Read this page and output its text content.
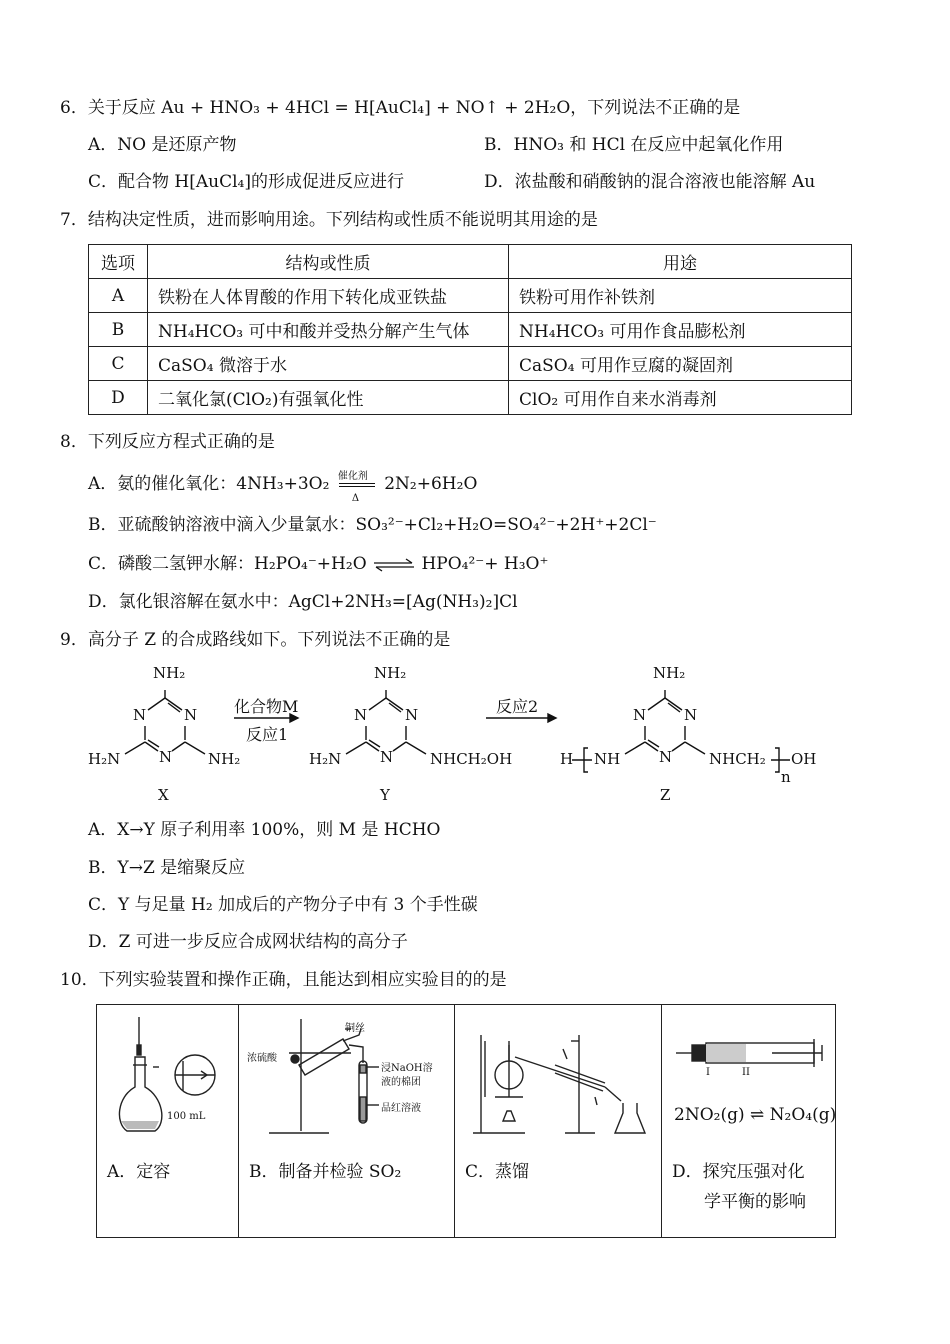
6．关于反应 Au + HNO₃ + 4HCl = H[AuCl₄] + NO↑ + 2H₂O，下列说法不正确的是
A．NO 是还原产物	B．HNO₃ 和 HCl 在反应中起氧化作用
C．配合物 H[AuCl₄]的形成促进反应进行	D．浓盐酸和硝酸钠的混合溶液也能溶解 Au
7．结构决定性质，进而影响用途。下列结构或性质不能说明其用途的是
选项	结构或性质	用途
A	铁粉在人体胃酸的作用下转化成亚铁盐	铁粉可用作补铁剂
B	NH₄HCO₃ 可中和酸并受热分解产生气体	NH₄HCO₃ 可用作食品膨松剂
C	CaSO₄ 微溶于水	CaSO₄ 可用作豆腐的凝固剂
D	二氧化氯(ClO₂)有强氧化性	ClO₂ 可用作自来水消毒剂
8．下列反应方程式正确的是
A．氨的催化氧化：4NH₃+3O₂ 催化剂
Δ
2N₂+6H₂O
B．亚硫酸钠溶液中滴入少量氯水：SO₃²⁻+Cl₂+H₂O=SO₄²⁻+2H⁺+2Cl⁻
C．磷酸二氢钾水解：H₂PO₄⁻+H₂O ⇌ HPO₄²⁻+ H₃O⁺
D．氯化银溶解在氨水中：AgCl+2NH₃=[Ag(NH₃)₂]Cl
9．高分子 Z 的合成路线如下。下列说法不正确的是
NH₂
N	N
N
H₂N	NH₂
X
化合物M
反应1
NH₂
N	N
N
H₂N	NHCH₂OH
Y
反应2
NH₂
N	N
N
H NH	NHCH₂ OH
n
Z
A．X→Y 原子利用率 100%，则 M 是 HCHO
B．Y→Z 是缩聚反应
C．Y 与足量 H₂ 加成后的产物分子中有 3 个手性碳
D．Z 可进一步反应合成网状结构的高分子
10．下列实验装置和操作正确，且能达到相应实验目的的是
100 mL
A．定容

铜丝
浓硫酸
浸NaOH溶
液的棉团
品红溶液
B．制备并检验 SO₂	C．蒸馏

I	II
2NO₂(g) ⇌ N₂O₄(g)
D．探究压强对化
学平衡的影响
